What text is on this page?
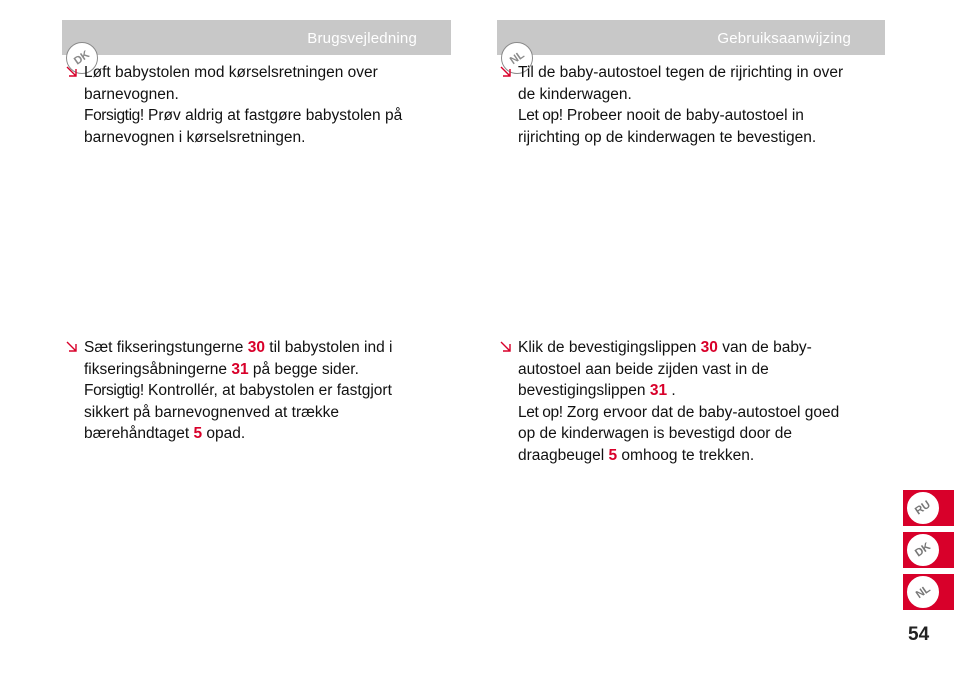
DK
Brugsvejledning
NL
Gebruiksaanwijzing
Løft babystolen mod kørselsretningen over
barnevognen.
Forsigtig! Prøv aldrig at fastgøre babystolen på
barnevognen i kørselsretningen.
Sæt fikseringstungerne 30 til babystolen ind i
fikseringsåbningerne 31 på begge sider.
Forsigtig! Kontrollér, at babystolen er fastgjort
sikkert på barnevognenved at trække
bærehåndtaget 5 opad.
Til de baby-autostoel tegen de rijrichting in over
de kinderwagen.
Let op! Probeer nooit de baby-autostoel in
rijrichting op de kinderwagen te bevestigen.
Klik de bevestigingslippen 30 van de baby-
autostoel aan beide zijden vast in de
bevestigingslippen 31 .
Let op! Zorg ervoor dat de baby-autostoel goed
op de kinderwagen is bevestigd door de
draagbeugel 5 omhoog te trekken.
RU
DK
NL
54
